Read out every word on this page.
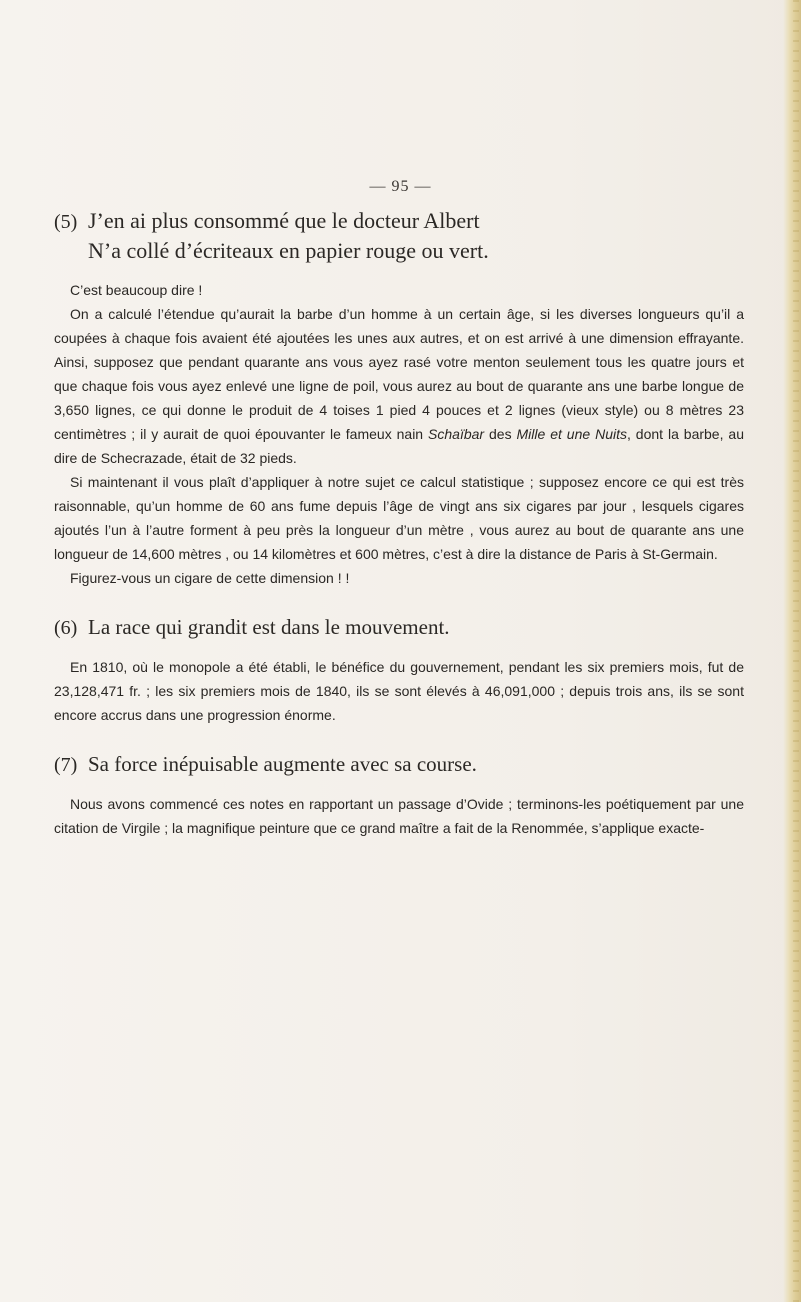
— 95 —
(5) J’en ai plus consommé que le docteur Albert
N’a collé d’écriteaux en papier rouge ou vert.

C’est beaucoup dire !

On a calculé l’étendue qu’aurait la barbe d’un homme à un certain âge, si les diverses longueurs qu’il a coupées à chaque fois avaient été ajoutées les unes aux autres, et on est arrivé à une dimension effrayante. Ainsi, supposez que pendant quarante ans vous ayez rasé votre menton seulement tous les quatre jours et que chaque fois vous ayez enlevé une ligne de poil, vous aurez au bout de quarante ans une barbe longue de 3,650 lignes, ce qui donne le produit de 4 toises 1 pied 4 pouces et 2 lignes (vieux style) ou 8 mètres 23 centimètres ; il y aurait de quoi épouvanter le fameux nain Schaïbar des Mille et une Nuits, dont la barbe, au dire de Schecrazade, était de 32 pieds.

Si maintenant il vous plaît d’appliquer à notre sujet ce calcul statistique ; supposez encore ce qui est très raisonnable, qu’un homme de 60 ans fume depuis l’âge de vingt ans six cigares par jour , lesquels cigares ajoutés l’un à l’autre forment à peu près la longueur d’un mètre , vous aurez au bout de quarante ans une longueur de 14,600 mètres , ou 14 kilomètres et 600 mètres, c’est à dire la distance de Paris à St-Germain.

Figurez-vous un cigare de cette dimension ! !

(6) La race qui grandit est dans le mouvement.

En 1810, où le monopole a été établi, le bénéfice du gouvernement, pendant les six premiers mois, fut de 23,128,471 fr. ; les six premiers mois de 1840, ils se sont élevés à 46,091,000 ; depuis trois ans, ils se sont encore accrus dans une progression énorme.

(7) Sa force inépuisable augmente avec sa course.

Nous avons commencé ces notes en rapportant un passage d’Ovide ; terminons-les poétiquement par une citation de Virgile ; la magnifique peinture que ce grand maître a fait de la Renommée, s’applique exacte-
